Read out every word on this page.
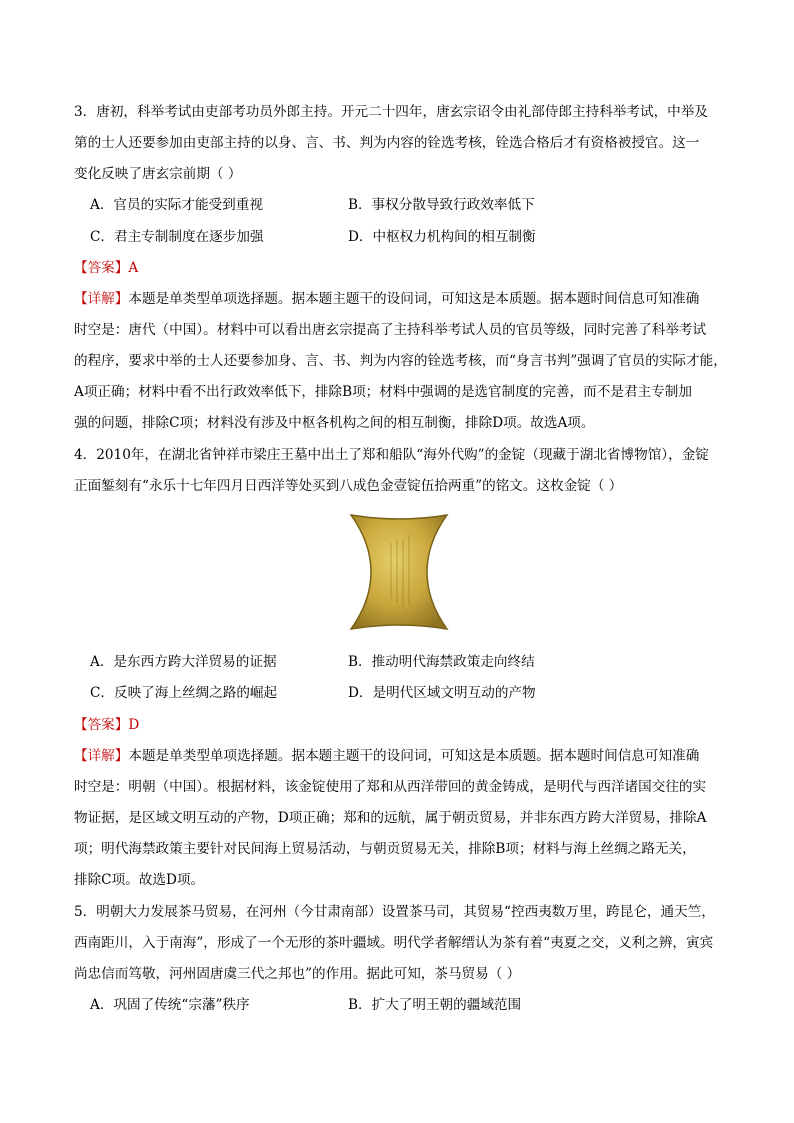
3．唐初，科举考试由吏部考功员外郎主持。开元二十四年，唐玄宗诏令由礼部侍郎主持科举考试，中举及
第的士人还要参加由吏部主持的以身、言、书、判为内容的铨选考核，铨选合格后才有资格被授官。这一
变化反映了唐玄宗前期（ ）
A．官员的实际才能受到重视	B．事权分散导致行政效率低下
C．君主专制制度在逐步加强	D．中枢权力机构间的相互制衡
【答案】A
【详解】本题是单类型单项选择题。据本题主题干的设问词，可知这是本质题。据本题时间信息可知准确
时空是：唐代（中国）。材料中可以看出唐玄宗提高了主持科举考试人员的官员等级，同时完善了科举考试
的程序，要求中举的士人还要参加身、言、书、判为内容的铨选考核，而“身言书判”强调了官员的实际才能，
A项正确；材料中看不出行政效率低下，排除B项；材料中强调的是选官制度的完善，而不是君主专制加
强的问题，排除C项；材料没有涉及中枢各机构之间的相互制衡，排除D项。故选A项。
4．2010年，在湖北省钟祥市梁庄王墓中出土了郑和船队“海外代购”的金锭（现藏于湖北省博物馆），金锭
正面錾刻有“永乐十七年四月日西洋等处买到八成色金壹锭伍拾两重”的铭文。这枚金锭（ ）
A．是东西方跨大洋贸易的证据	B．推动明代海禁政策走向终结
C．反映了海上丝绸之路的崛起	D．是明代区域文明互动的产物
【答案】D
【详解】本题是单类型单项选择题。据本题主题干的设问词，可知这是本质题。据本题时间信息可知准确
时空是：明朝（中国）。根据材料，该金锭使用了郑和从西洋带回的黄金铸成，是明代与西洋诸国交往的实
物证据，是区域文明互动的产物，D项正确；郑和的远航，属于朝贡贸易，并非东西方跨大洋贸易，排除A
项；明代海禁政策主要针对民间海上贸易活动，与朝贡贸易无关，排除B项；材料与海上丝绸之路无关，
排除C项。故选D项。
5．明朝大力发展茶马贸易，在河州（今甘肃南部）设置茶马司，其贸易“控西夷数万里，跨昆仑，通天竺，
西南距川，入于南海”，形成了一个无形的茶叶疆域。明代学者解缙认为茶有着“夷夏之交，义利之辨，寅宾
尚忠信而笃敬，河州固唐虞三代之邦也”的作用。据此可知，茶马贸易（ ）
A．巩固了传统“宗藩”秩序	B．扩大了明王朝的疆域范围
